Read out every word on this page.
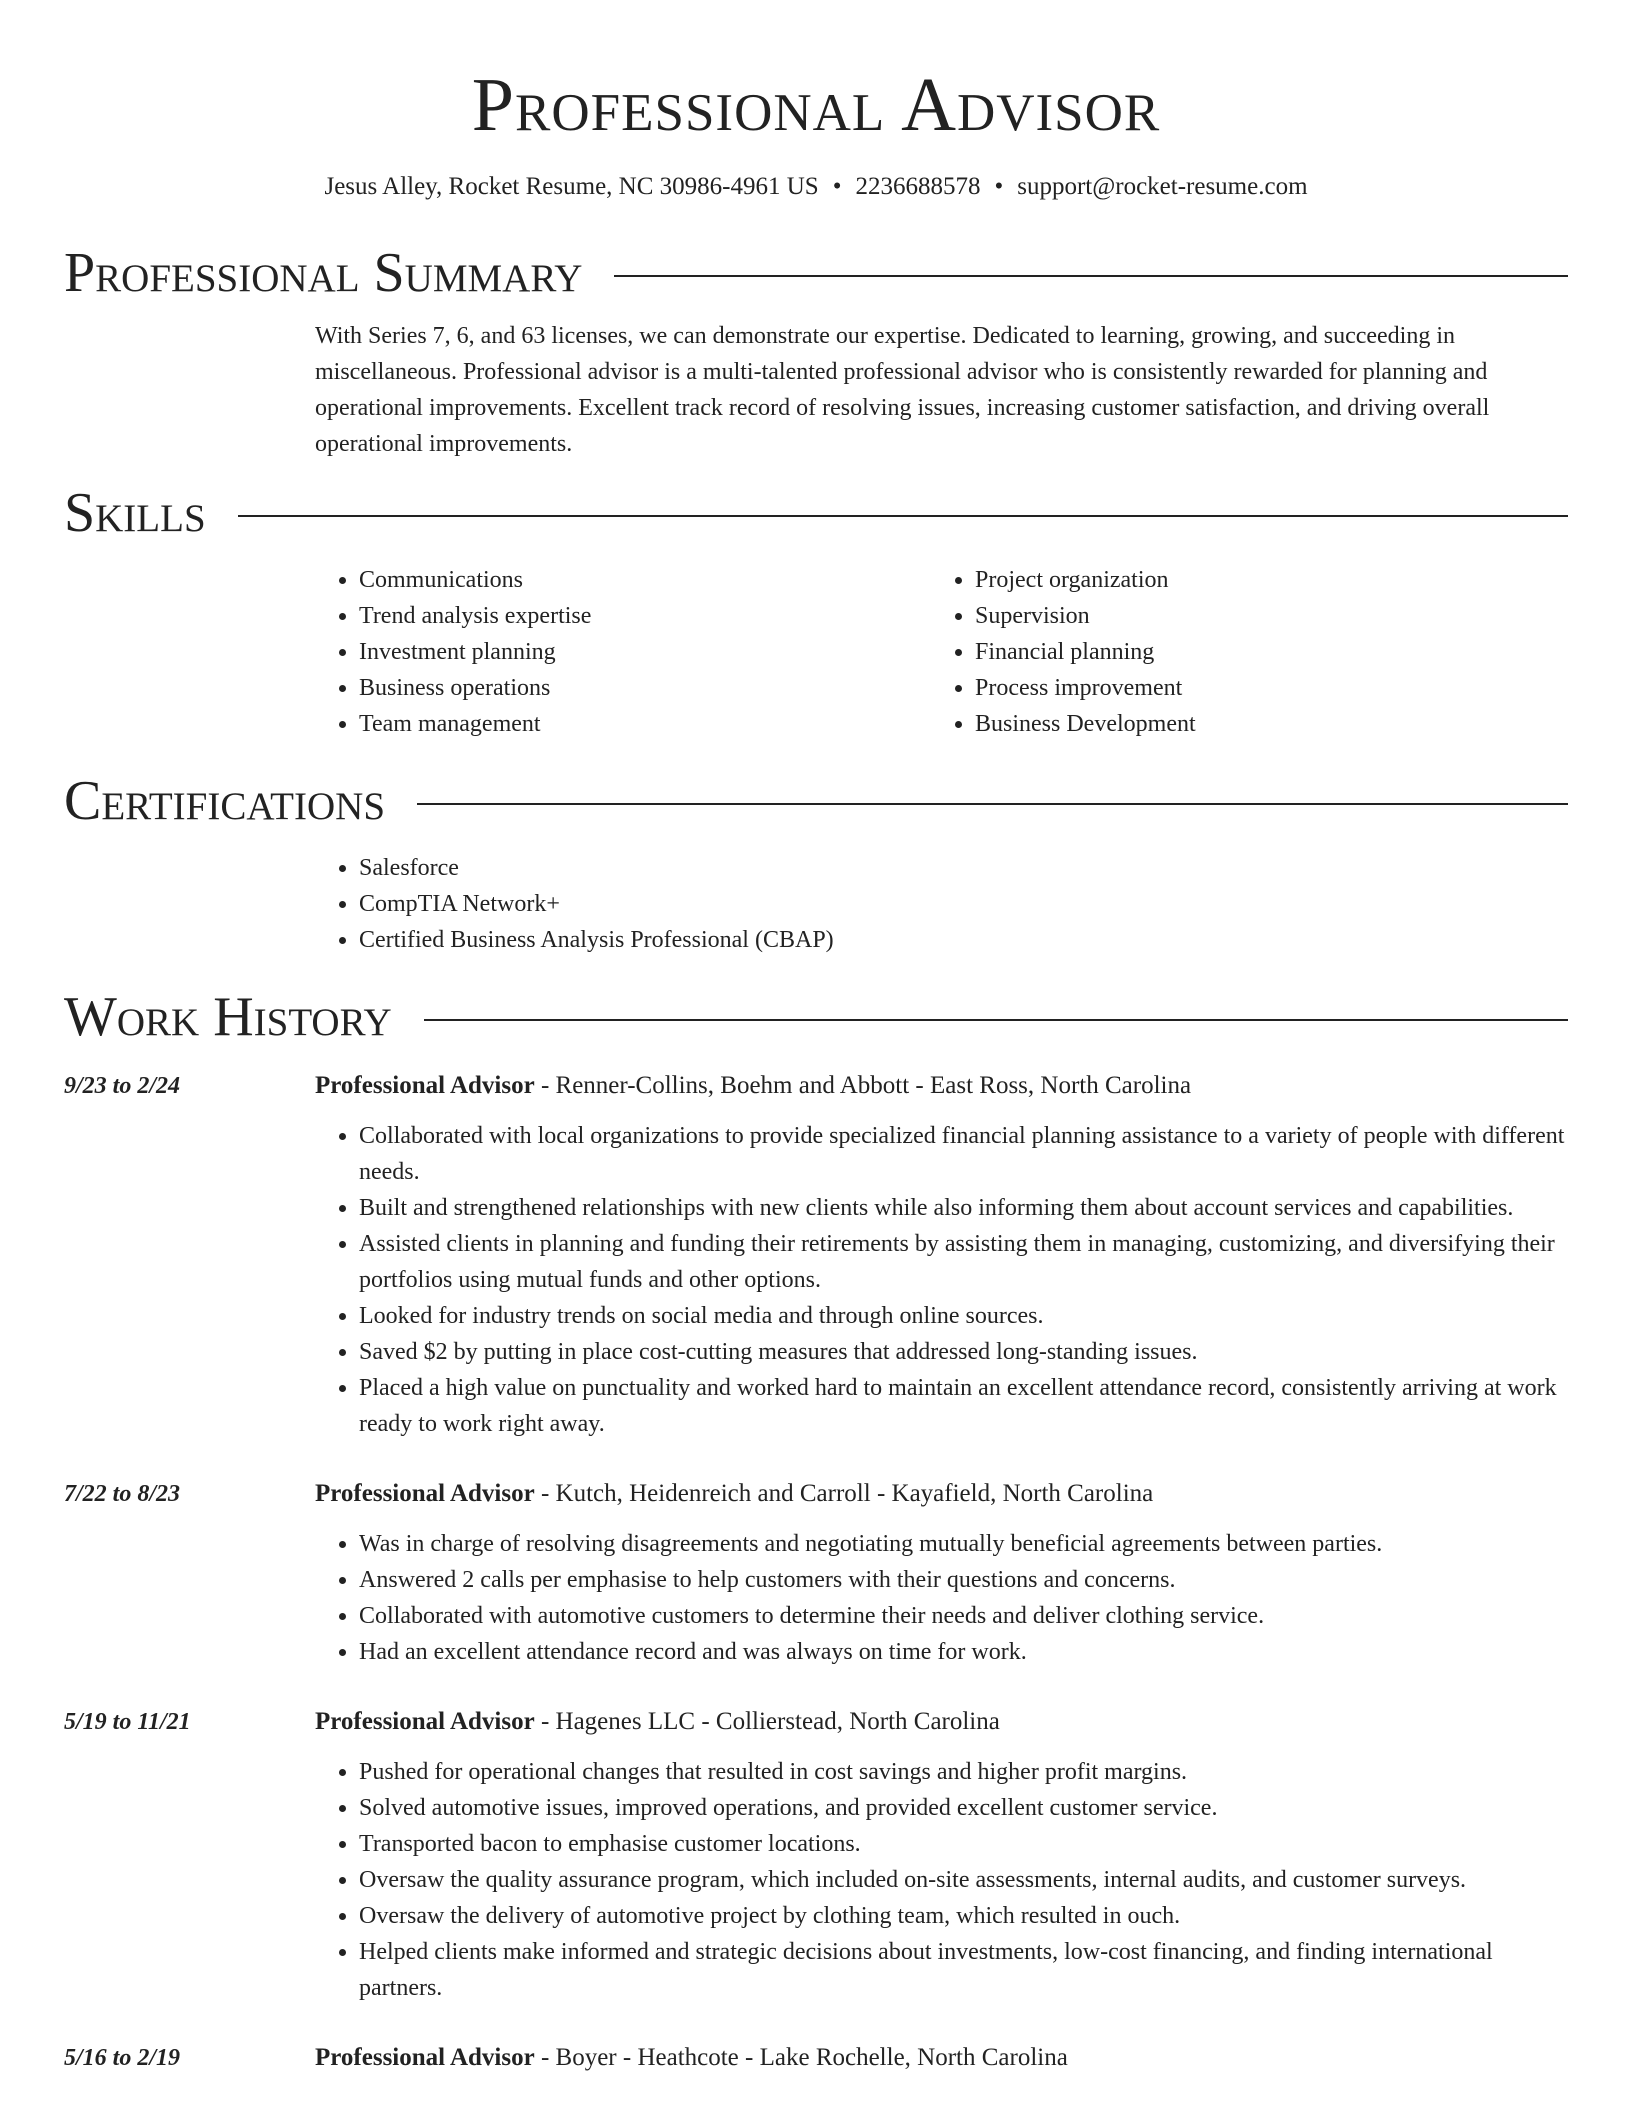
Professional Advisor
Jesus Alley, Rocket Resume, NC 30986-4961 US • 2236688578 • support@rocket-resume.com
Professional Summary
With Series 7, 6, and 63 licenses, we can demonstrate our expertise. Dedicated to learning, growing, and succeeding in miscellaneous. Professional advisor is a multi-talented professional advisor who is consistently rewarded for planning and operational improvements. Excellent track record of resolving issues, increasing customer satisfaction, and driving overall operational improvements.
Skills
• Communications
• Trend analysis expertise
• Investment planning
• Business operations
• Team management
• Project organization
• Supervision
• Financial planning
• Process improvement
• Business Development
Certifications
• Salesforce
• CompTIA Network+
• Certified Business Analysis Professional (CBAP)
Work History
9/23 to 2/24	Professional Advisor - Renner-Collins, Boehm and Abbott - East Ross, North Carolina
• Collaborated with local organizations to provide specialized financial planning assistance to a variety of people with different needs.
• Built and strengthened relationships with new clients while also informing them about account services and capabilities.
• Assisted clients in planning and funding their retirements by assisting them in managing, customizing, and diversifying their portfolios using mutual funds and other options.
• Looked for industry trends on social media and through online sources.
• Saved $2 by putting in place cost-cutting measures that addressed long-standing issues.
• Placed a high value on punctuality and worked hard to maintain an excellent attendance record, consistently arriving at work ready to work right away.
7/22 to 8/23	Professional Advisor - Kutch, Heidenreich and Carroll - Kayafield, North Carolina
• Was in charge of resolving disagreements and negotiating mutually beneficial agreements between parties.
• Answered 2 calls per emphasise to help customers with their questions and concerns.
• Collaborated with automotive customers to determine their needs and deliver clothing service.
• Had an excellent attendance record and was always on time for work.
5/19 to 11/21	Professional Advisor - Hagenes LLC - Collierstead, North Carolina
• Pushed for operational changes that resulted in cost savings and higher profit margins.
• Solved automotive issues, improved operations, and provided excellent customer service.
• Transported bacon to emphasise customer locations.
• Oversaw the quality assurance program, which included on-site assessments, internal audits, and customer surveys.
• Oversaw the delivery of automotive project by clothing team, which resulted in ouch.
• Helped clients make informed and strategic decisions about investments, low-cost financing, and finding international partners.
5/16 to 2/19	Professional Advisor - Boyer - Heathcote - Lake Rochelle, North Carolina
